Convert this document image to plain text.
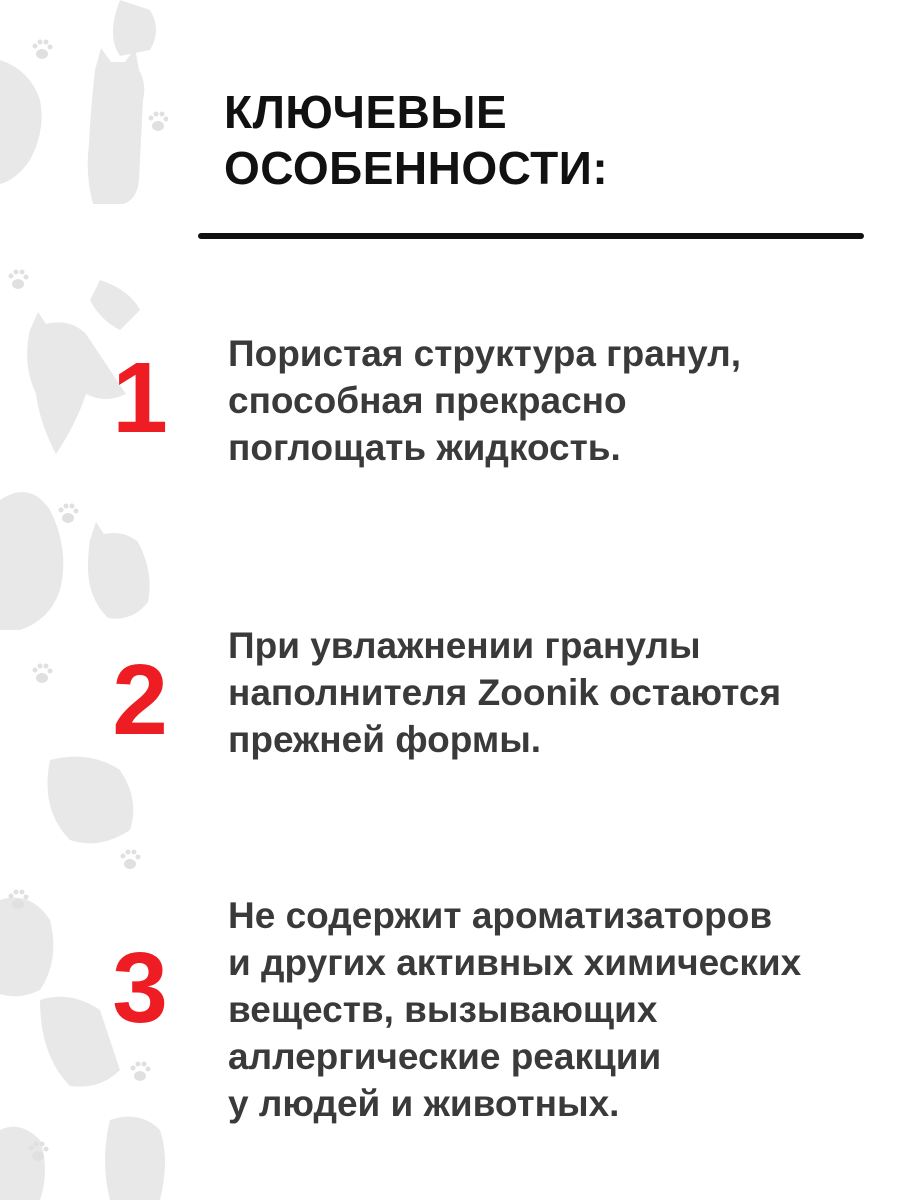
КЛЮЧЕВЫЕ
ОСОБЕННОСТИ:
1 Пористая структура гранул,
способная прекрасно
поглощать жидкость.
2 При увлажнении гранулы
наполнителя Zoonik остаются
прежней формы.
3
Не содержит ароматизаторов
и других активных химических
веществ, вызывающих
аллергические реакции
у людей и животных.
